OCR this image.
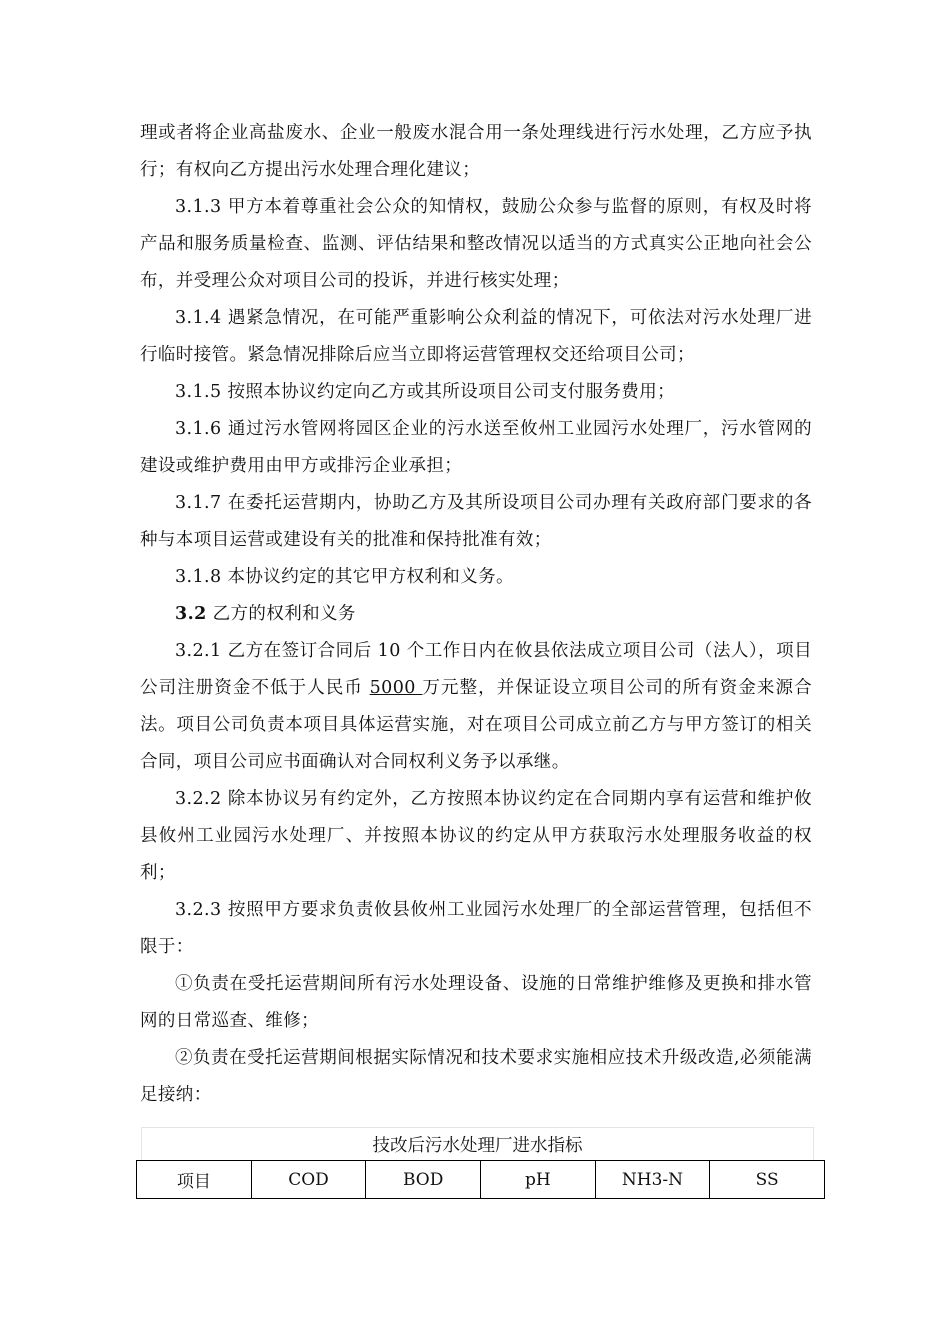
理或者将企业高盐废水、企业一般废水混合用一条处理线进行污水处理，乙方应予执行；有权向乙方提出污水处理合理化建议；

3.1.3 甲方本着尊重社会公众的知情权，鼓励公众参与监督的原则，有权及时将产品和服务质量检查、监测、评估结果和整改情况以适当的方式真实公正地向社会公布，并受理公众对项目公司的投诉，并进行核实处理；

3.1.4 遇紧急情况，在可能严重影响公众利益的情况下，可依法对污水处理厂进行临时接管。紧急情况排除后应当立即将运营管理权交还给项目公司；

3.1.5 按照本协议约定向乙方或其所设项目公司支付服务费用；

3.1.6 通过污水管网将园区企业的污水送至攸州工业园污水处理厂，污水管网的建设或维护费用由甲方或排污企业承担；

3.1.7 在委托运营期内，协助乙方及其所设项目公司办理有关政府部门要求的各种与本项目运营或建设有关的批准和保持批准有效；

3.1.8 本协议约定的其它甲方权利和义务。

3.2 乙方的权利和义务

3.2.1 乙方在签订合同后 10 个工作日内在攸县依法成立项目公司（法人），项目公司注册资金不低于人民币 5000 万元整，并保证设立项目公司的所有资金来源合法。项目公司负责本项目具体运营实施，对在项目公司成立前乙方与甲方签订的相关合同，项目公司应书面确认对合同权利义务予以承继。

3.2.2 除本协议另有约定外，乙方按照本协议约定在合同期内享有运营和维护攸县攸州工业园污水处理厂、并按照本协议的约定从甲方获取污水处理服务收益的权利；

3.2.3 按照甲方要求负责攸县攸州工业园污水处理厂的全部运营管理，包括但不限于：

①负责在受托运营期间所有污水处理设备、设施的日常维护维修及更换和排水管网的日常巡查、维修；

②负责在受托运营期间根据实际情况和技术要求实施相应技术升级改造,必须能满足接纳：

技改后污水处理厂进水指标
项目	COD	BOD	pH	NH3-N	SS
